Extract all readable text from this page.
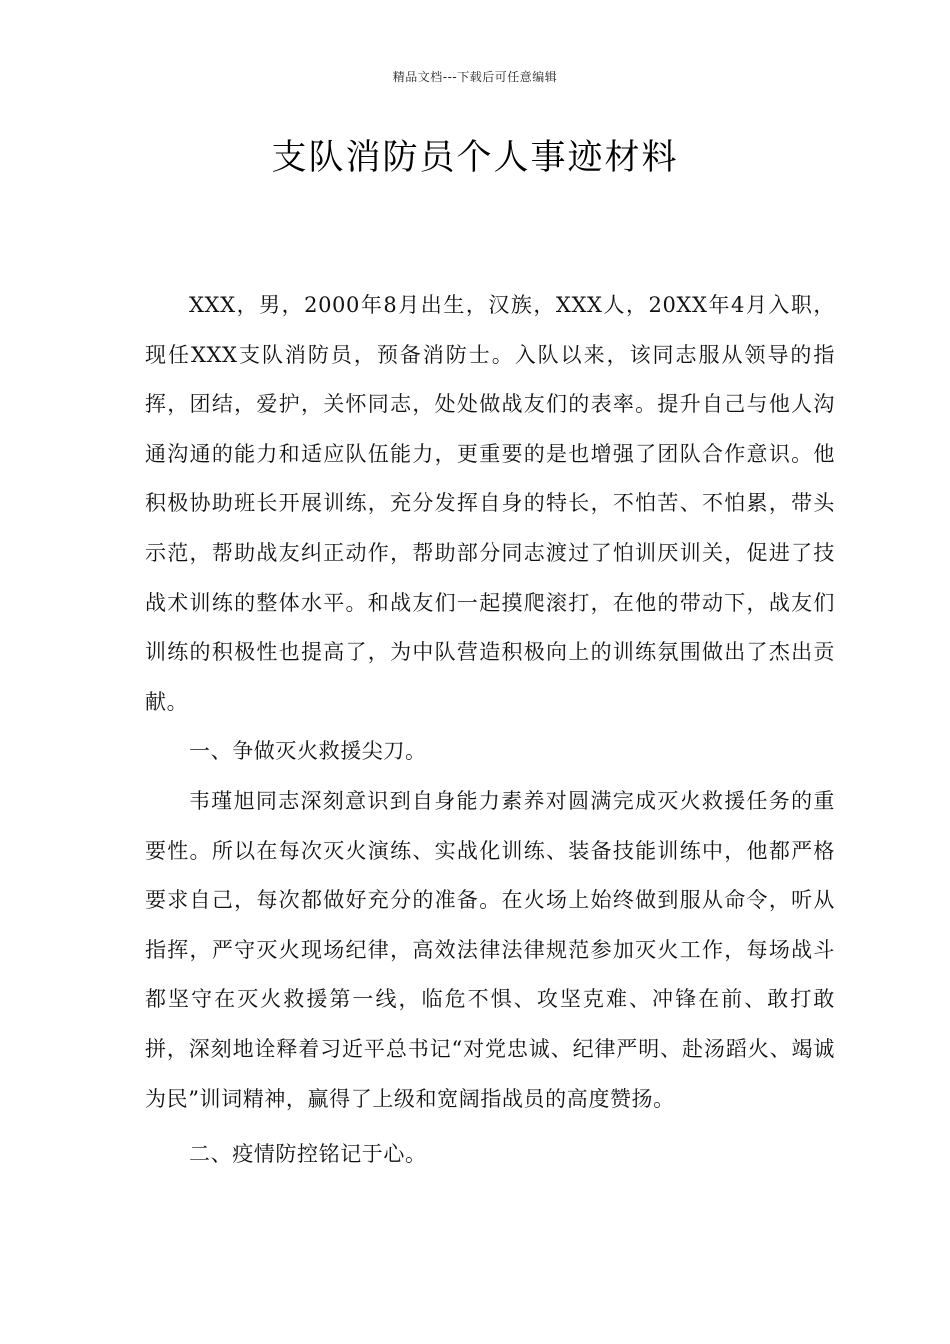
精品文档---下载后可任意编辑
支队消防员个人事迹材料

XXX，男，2000年8月出生，汉族，XXX人，20XX年4月入职，现任XXX支队消防员，预备消防士。入队以来，该同志服从领导的指挥，团结，爱护，关怀同志，处处做战友们的表率。提升自己与他人沟通沟通的能力和适应队伍能力，更重要的是也增强了团队合作意识。他积极协助班长开展训练，充分发挥自身的特长，不怕苦、不怕累，带头示范，帮助战友纠正动作，帮助部分同志渡过了怕训厌训关，促进了技战术训练的整体水平。和战友们一起摸爬滚打，在他的带动下，战友们训练的积极性也提高了，为中队营造积极向上的训练氛围做出了杰出贡献。

一、争做灭火救援尖刀。

韦瑾旭同志深刻意识到自身能力素养对圆满完成灭火救援任务的重要性。所以在每次灭火演练、实战化训练、装备技能训练中，他都严格要求自己，每次都做好充分的准备。在火场上始终做到服从命令，听从指挥，严守灭火现场纪律，高效法律法律规范参加灭火工作，每场战斗都坚守在灭火救援第一线，临危不惧、攻坚克难、冲锋在前、敢打敢拼，深刻地诠释着习近平总书记“对党忠诚、纪律严明、赴汤蹈火、竭诚为民”训词精神，赢得了上级和宽阔指战员的高度赞扬。

二、疫情防控铭记于心。
